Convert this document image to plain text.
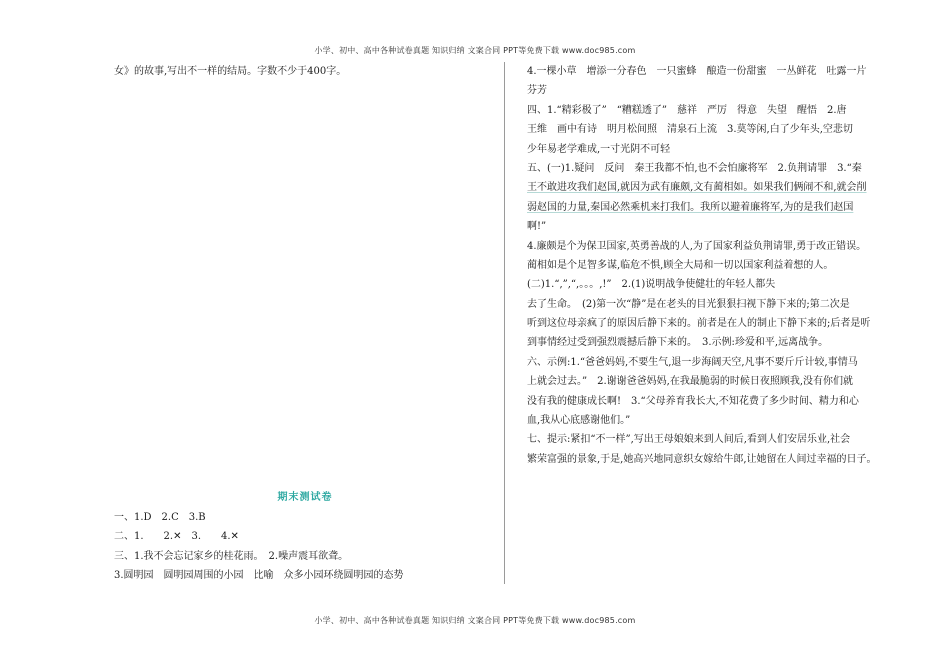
小学、初中、高中各种试卷真题 知识归纳 文案合同 PPT等免费下载 www.doc985.com
女》的故事,写出不一样的结局。字数不少于400字。
期末测试卷
一、1.D　2.C　3.B
二、1.　　2.✕　3.　　4.✕
三、1.我不会忘记家乡的桂花雨。　2.噪声震耳欲聋。
3.圆明园　圆明园周围的小园　比喻　众多小园环绕圆明园的态势
4.一棵小草　增添一分春色　一只蜜蜂　酿造一份甜蜜　一丛鲜花　吐露一片
芬芳
四、1.“精彩极了”　“糟糕透了”　慈祥　严厉　得意　失望　醒悟　2.唐
王维　画中有诗　明月松间照　清泉石上流　3.莫等闲,白了少年头,空悲切
少年易老学难成,一寸光阴不可轻
五、(一)1.疑问　反问　秦王我都不怕,也不会怕廉将军　2.负荆请罪　3.“秦
王不敢进攻我们赵国,就因为武有廉颇,文有蔺相如。如果我们俩闹不和,就会削
弱赵国的力量,秦国必然乘机来打我们。我所以避着廉将军,为的是我们赵国
啊!”
4.廉颇是个为保卫国家,英勇善战的人,为了国家利益负荆请罪,勇于改正错误。
蔺相如是个足智多谋,临危不惧,顾全大局和一切以国家利益着想的人。
(二)1.“,”,“,。。。,!”　2.(1)说明战争使健壮的年轻人都失
去了生命。　(2)第一次“静”是在老头的目光狠狠扫视下静下来的;第二次是
听到这位母亲疯了的原因后静下来的。前者是在人的制止下静下来的;后者是听
到事情经过受到强烈震撼后静下来的。　3.示例:珍爱和平,远离战争。
六、示例:1.“爸爸妈妈,不要生气,退一步海阔天空,凡事不要斤斤计较,事情马
上就会过去。”　2.谢谢爸爸妈妈,在我最脆弱的时候日夜照顾我,没有你们就
没有我的健康成长啊!　3.“父母养育我长大,不知花费了多少时间、精力和心
血,我从心底感谢他们。”
七、提示:紧扣“不一样”,写出王母娘娘来到人间后,看到人们安居乐业,社会
繁荣富强的景象,于是,她高兴地同意织女嫁给牛郎,让她留在人间过幸福的日子。
小学、初中、高中各种试卷真题 知识归纳 文案合同 PPT等免费下载 www.doc985.com
